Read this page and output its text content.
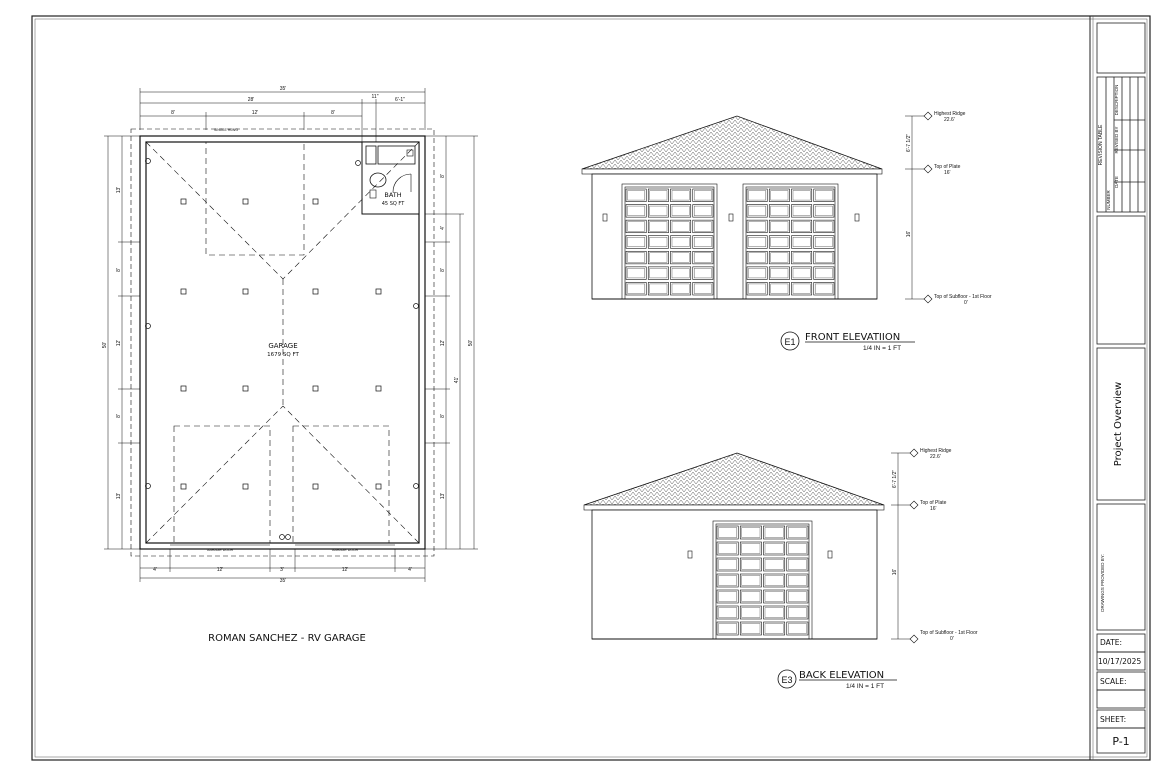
GARAGE DOOR	GARAGE DOOR
SINGLE HUNG
GARAGE
1679 SQ FT
BATH
45 SQ FT
35'
28'
8'	12'	8'
11"	6'-1"
50'
13'
8'
12'
8'
13'
8'
4'
8'
12'
8'
13'
41'
50'
4'	12'	3'	12'	4'
35'
ROMAN SANCHEZ - RV GARAGE
6'-7 1/2"
16'
Highest Ridge
22.6'
Top of Plate
16'
Top of Subfloor - 1st Floor
0'
E1 FRONT ELEVATIION
1/4 IN = 1 FT
6'-7 1/2"
16'
Highest Ridge
22.6'
Top of Plate
16'
Top of Subfloor - 1st Floor
0'
E3 BACK ELEVATION
1/4 IN = 1 FT
REVISION TABLE
NUMBER
DATE
REVISED BY
DESCRIPTION
Project Overview
DRAWINGS PROVIDED BY:
DATE:
10/17/2025
SCALE:
SHEET:
P-1
